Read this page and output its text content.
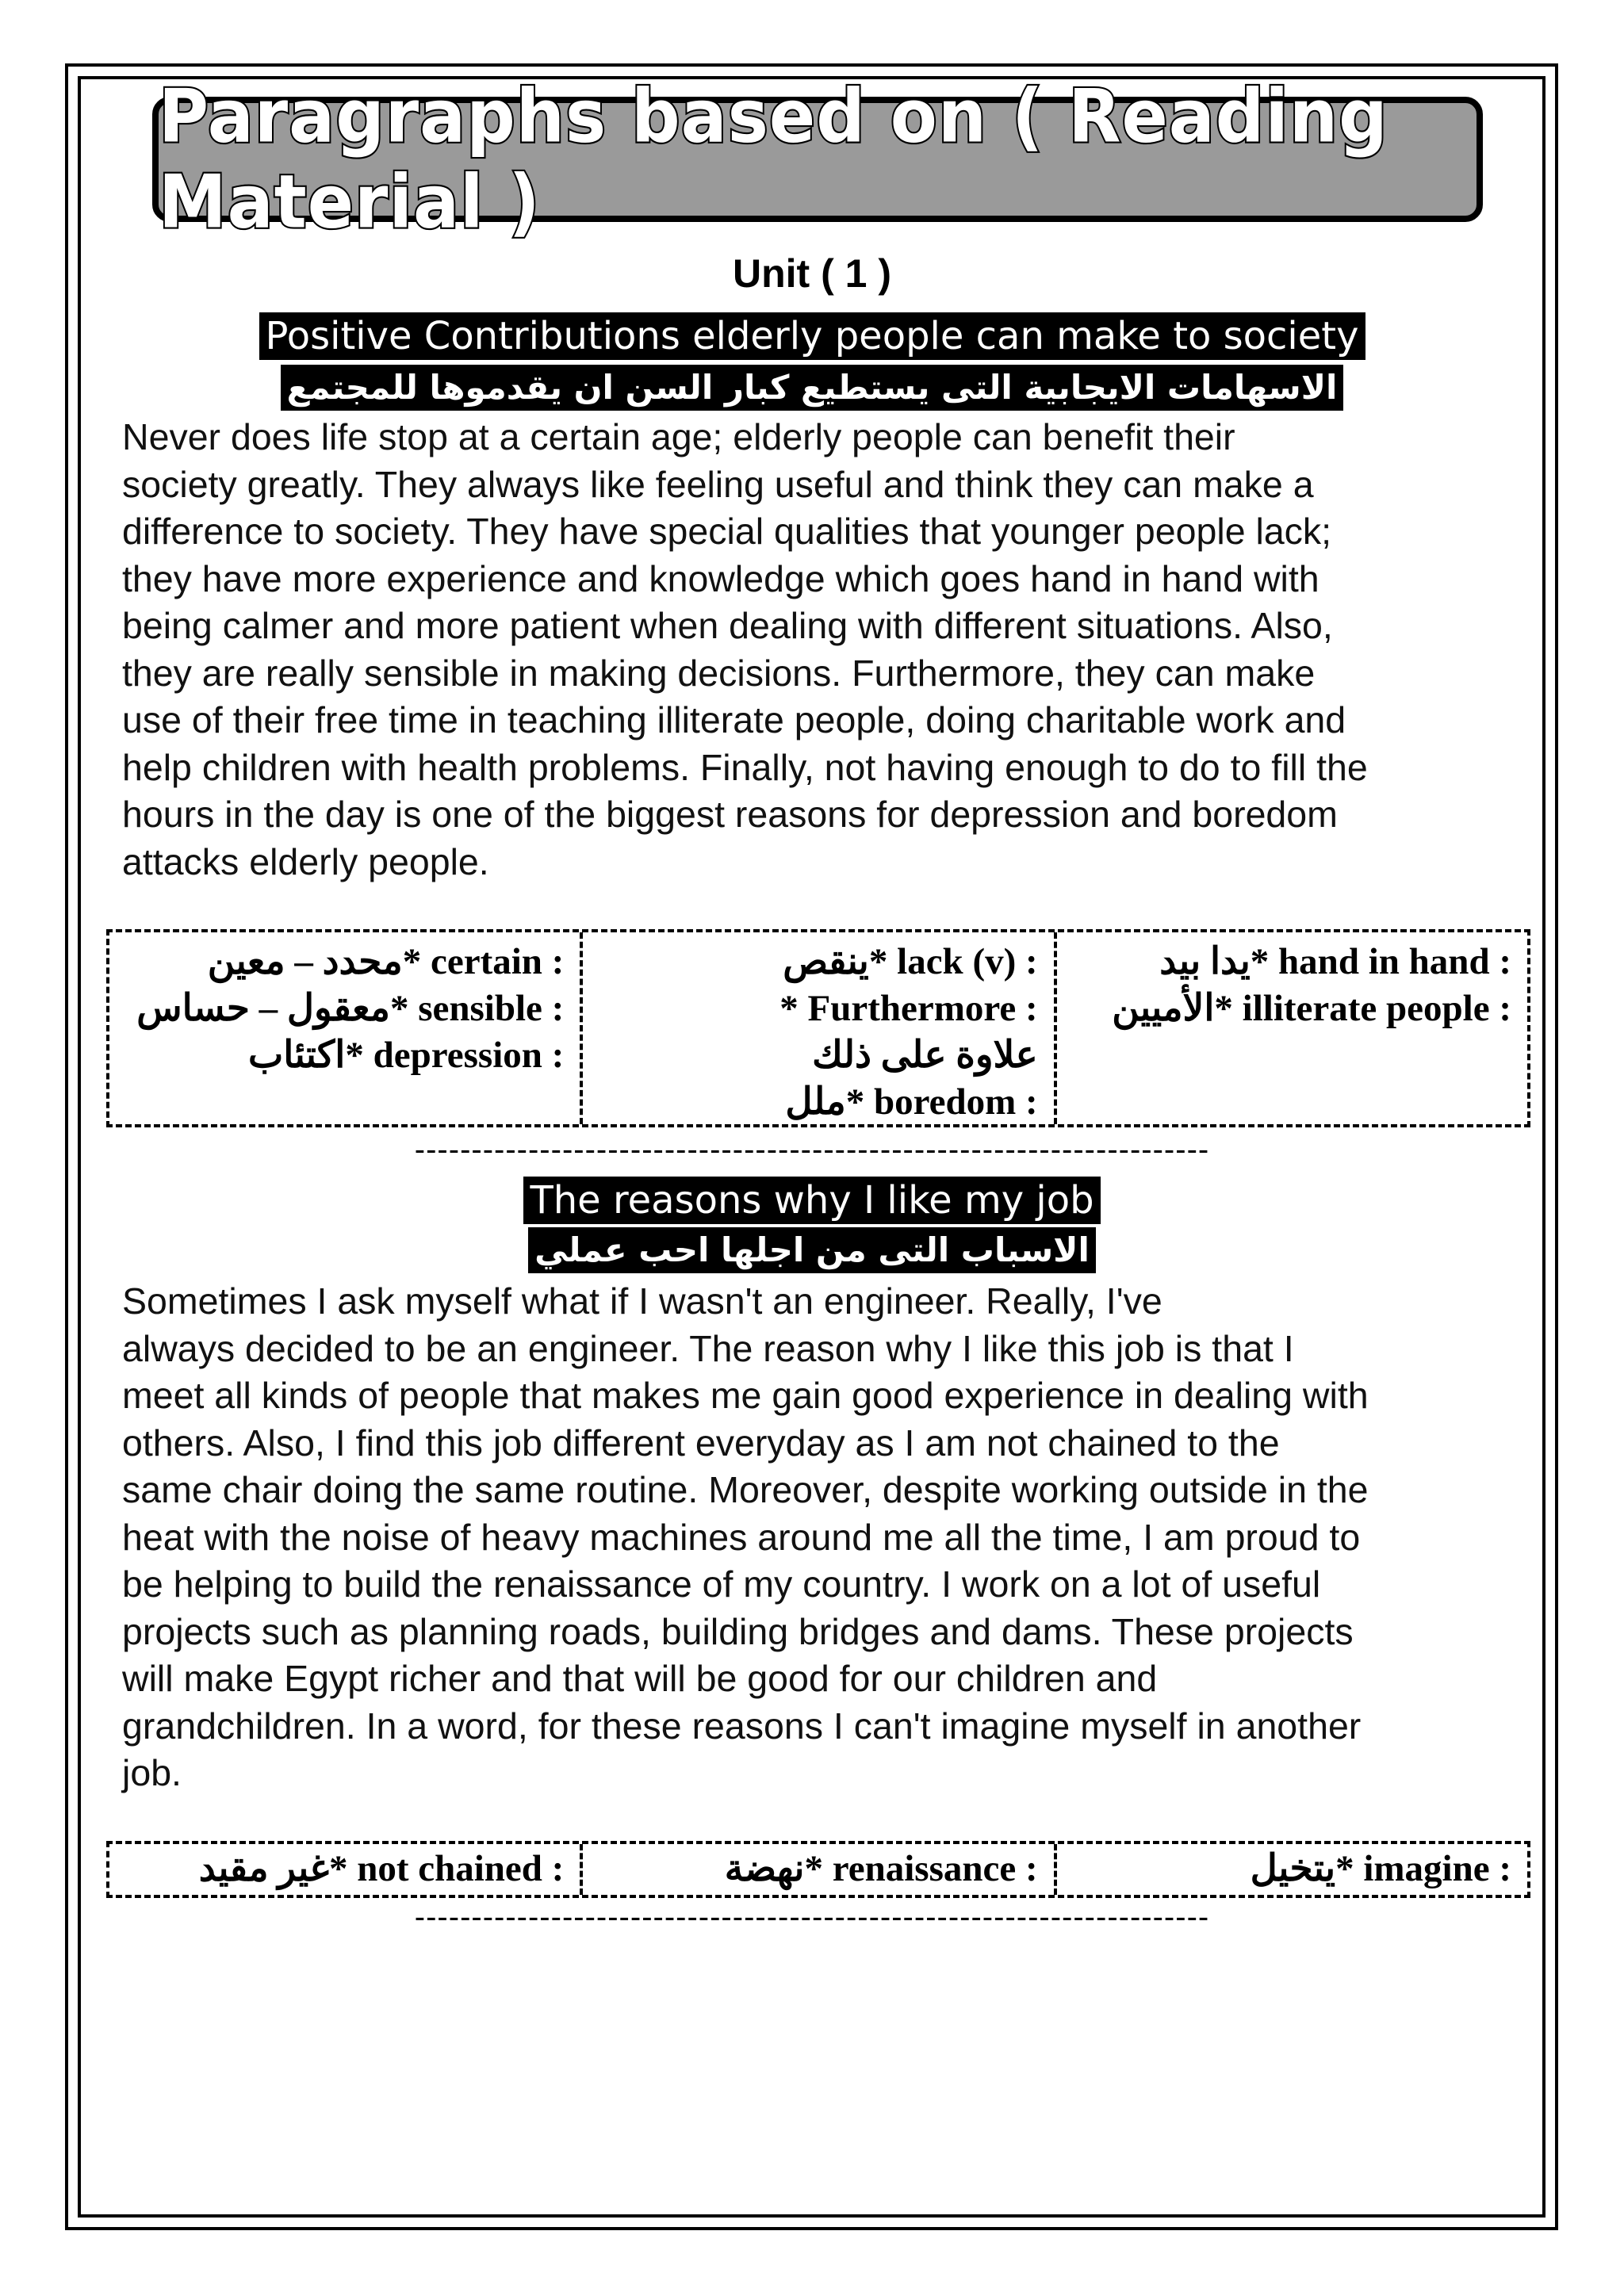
Paragraphs based on ( Reading Material )
Unit ( 1 )
Positive Contributions elderly people can make to society
الاسهامات الايجابية التى يستطيع كبار السن ان يقدموها للمجتمع
Never does life stop at a certain age; elderly people can benefit their
society greatly. They always like feeling useful and think they can make a
difference to society. They have special qualities that younger people lack;
they have more experience and knowledge which goes hand in hand with
being calmer and more patient when dealing with different situations. Also,
they are really sensible in making decisions. Furthermore, they can make
use of their free time in teaching illiterate people, doing charitable work and
help children with health problems. Finally, not having enough to do to fill the
hours in the day is one of the biggest reasons for depression and boredom
attacks elderly people.
محدد – معين* certain :
معقول – حساس* sensible :
اكتئاب* depression :
ينقص* lack (v) :
* Furthermore :
علاوة على ذلك
ملل* boredom :
يدا بيد* hand in hand :
الأميين* illiterate people :
----------------------------------------------------------------------
The reasons why I like my job
الاسباب التى من اجلها احب عملي
Sometimes I ask myself what if I wasn't an engineer. Really, I've
always decided to be an engineer. The reason why I like this job is that I
meet all kinds of people that makes me gain good experience in dealing with
others. Also, I find this job different everyday as I am not chained to the
same chair doing the same routine. Moreover, despite working outside in the
heat with the noise of heavy machines around me all the time, I am proud to
be helping to build the renaissance of my country. I work on a lot of useful
projects such as planning roads, building bridges and dams. These projects
will make Egypt richer and that will be good for our children and
grandchildren. In a word, for these reasons I can't imagine myself in another
job.
غير مقيد* not chained :	نهضة* renaissance :	يتخيل* imagine :
----------------------------------------------------------------------
